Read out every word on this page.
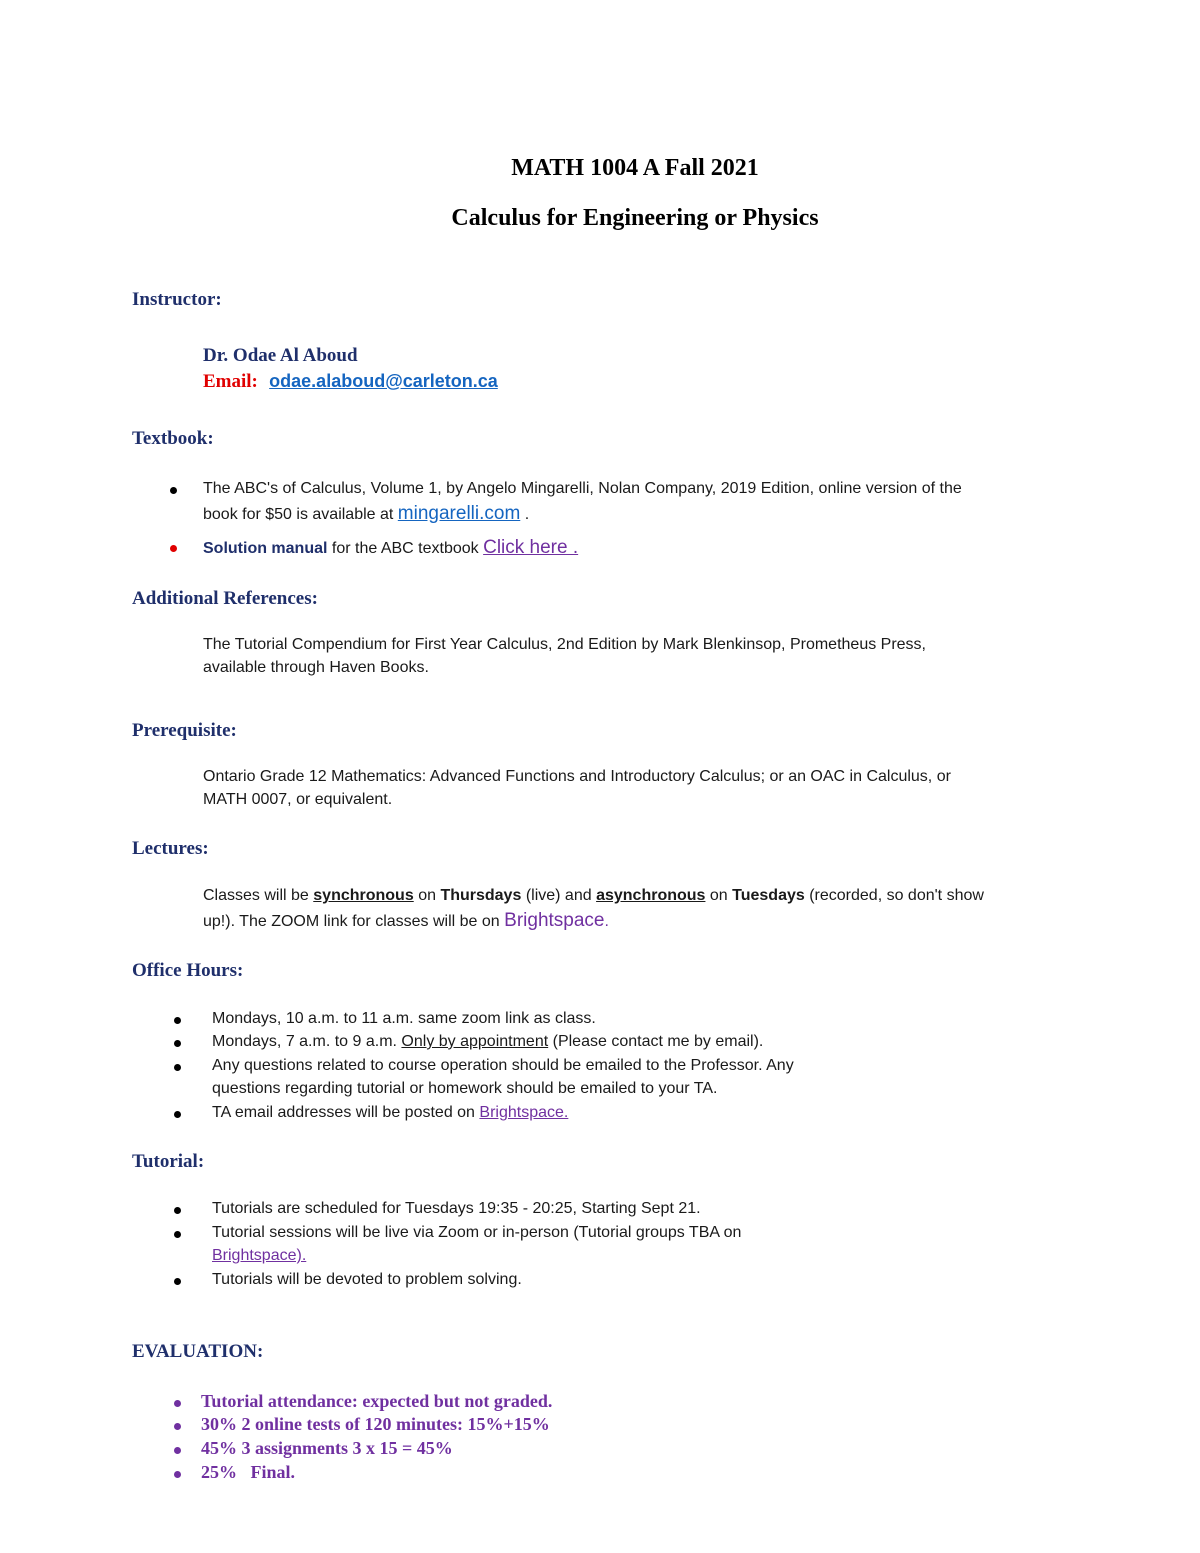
MATH 1004 A Fall 2021
Calculus for Engineering or Physics
Instructor:
Dr. Odae Al Aboud
Email: odae.alaboud@carleton.ca
Textbook:
The ABC's of Calculus, Volume 1, by Angelo Mingarelli, Nolan Company, 2019 Edition, online version of the
book for $50 is available at mingarelli.com .
Solution manual for the ABC textbook Click here .
Additional References:
The Tutorial Compendium for First Year Calculus, 2nd Edition by Mark Blenkinsop, Prometheus Press,
available through Haven Books.
Prerequisite:
Ontario Grade 12 Mathematics: Advanced Functions and Introductory Calculus; or an OAC in Calculus, or
MATH 0007, or equivalent.
Lectures:
Classes will be synchronous on Thursdays (live) and asynchronous on Tuesdays (recorded, so don't show
up!). The ZOOM link for classes will be on Brightspace.
Office Hours:
Mondays, 10 a.m. to 11 a.m. same zoom link as class.
Mondays, 7 a.m. to 9 a.m. Only by appointment (Please contact me by email).
Any questions related to course operation should be emailed to the Professor. Any
questions regarding tutorial or homework should be emailed to your TA.
TA email addresses will be posted on Brightspace.
Tutorial:
Tutorials are scheduled for Tuesdays 19:35 - 20:25, Starting Sept 21.
Tutorial sessions will be live via Zoom or in-person (Tutorial groups TBA on
Brightspace).
Tutorials will be devoted to problem solving.
EVALUATION:
Tutorial attendance: expected but not graded.
30% 2 online tests of 120 minutes: 15%+15%
45% 3 assignments 3 x 15 = 45%
25%   Final.
